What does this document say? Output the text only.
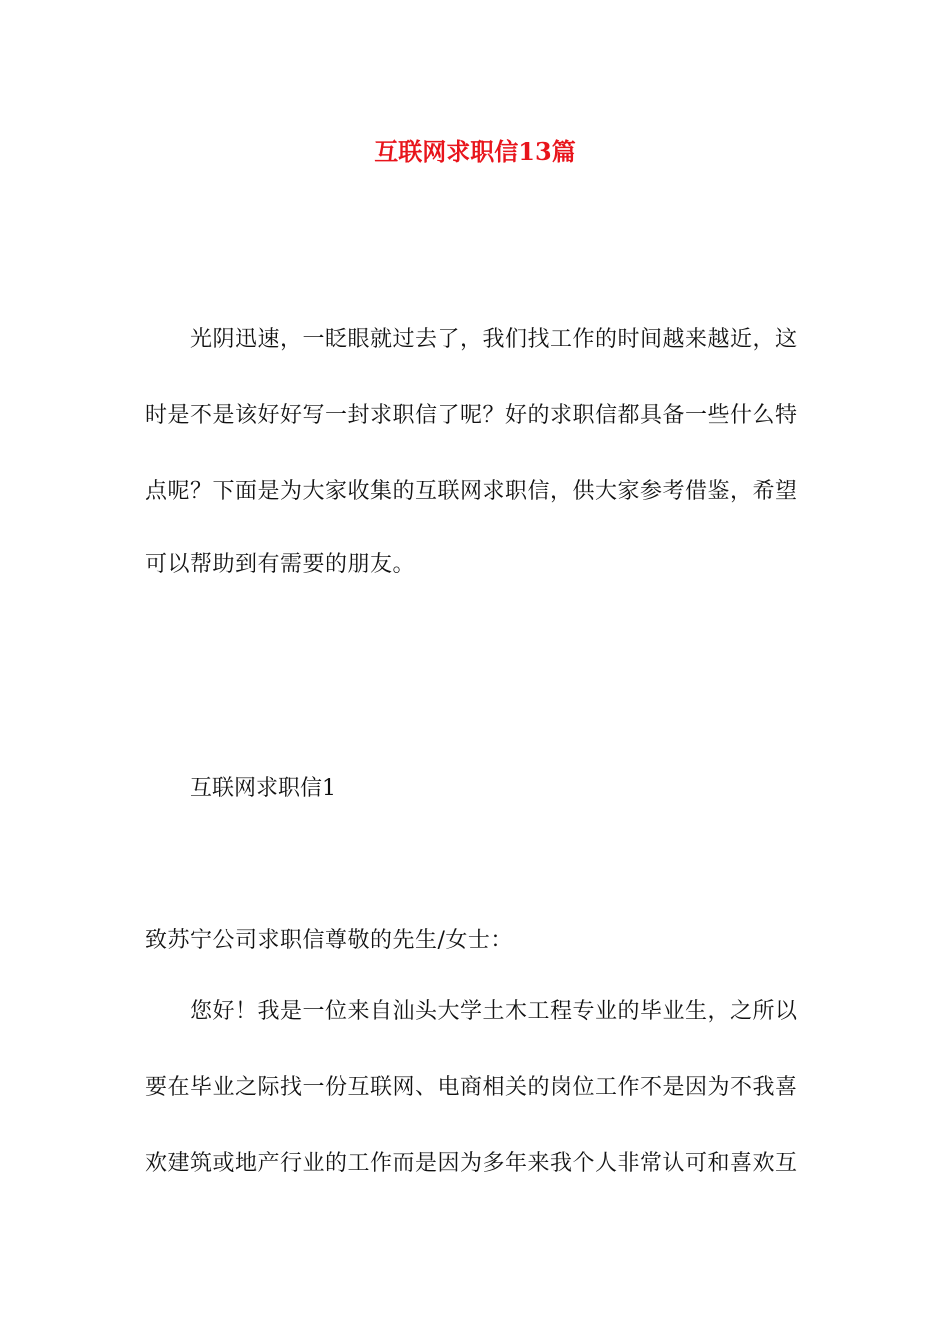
互联网求职信13篇
　　光阴迅速，一眨眼就过去了，我们找工作的时间越来越近，这
时是不是该好好写一封求职信了呢？好的求职信都具备一些什么特
点呢？下面是为大家收集的互联网求职信，供大家参考借鉴，希望
可以帮助到有需要的朋友。
互联网求职信1
致苏宁公司求职信尊敬的先生/女士：
　　您好！我是一位来自汕头大学土木工程专业的毕业生，之所以
要在毕业之际找一份互联网、电商相关的岗位工作不是因为不我喜
欢建筑或地产行业的工作而是因为多年来我个人非常认可和喜欢互
